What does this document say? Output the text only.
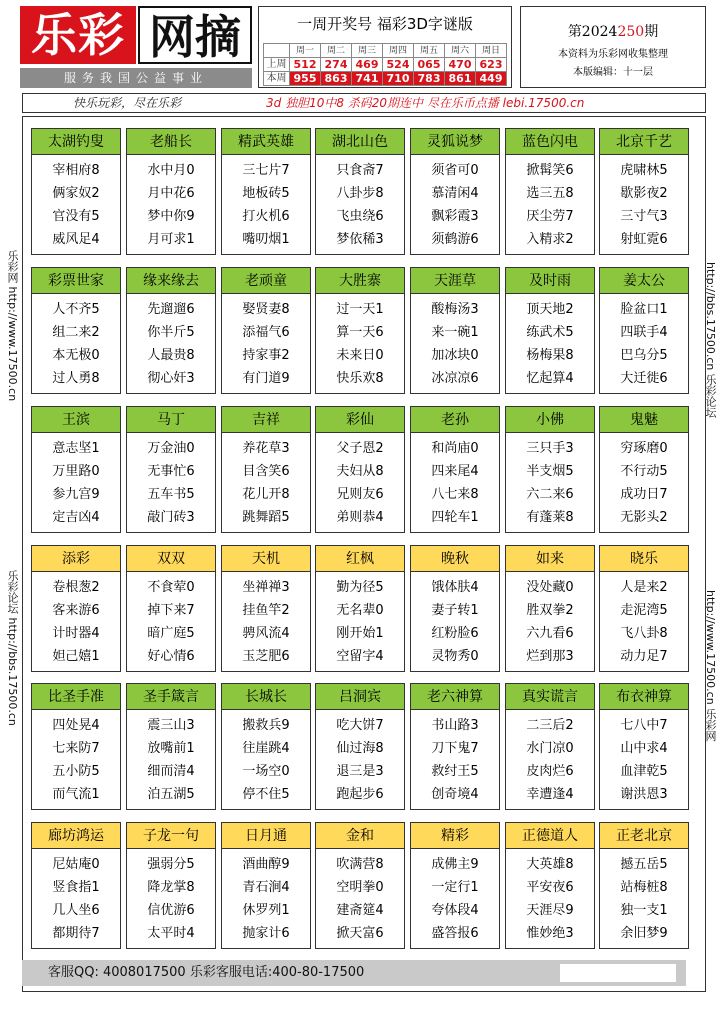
乐彩 网摘
服务我国公益事业
一周开奖号 福彩3D字谜版
	周一	周二	周三	周四	周五	周六	周日
上周	512	274	469	524	065	470	623
本周	955	863	741	710	783	861	449
第2024250期
本资料为乐彩网收集整理
本版编辑：十一层
快乐玩彩，尽在乐彩	3d 独胆10中8 杀码20期连中 尽在乐币点播 lebi.17500.cn
乐彩网 http://www.17500.cn
乐彩论坛 http://bbs.17500.cn
http://bbs.17500.cn 乐彩论坛
http://www.17500.cn 乐彩网
太湖钓叟
宰相府8
俩家奴2
官没有5
威风足4
老船长
水中月0
月中花6
梦中你9
月可求1
精武英雄
三七片7
地板砖5
打火机6
嘴叨烟1
湖北山色
只食斋7
八卦步8
飞虫绕6
梦依稀3
灵狐说梦
须省可0
慕清闲4
飘彩霞3
须鹤游6
蓝色闪电
掀髯笑6
选三五8
厌尘劳7
入精求2
北京千艺
虎啸林5
歇影夜2
三寸气3
射虹霓6
彩票世家
人不齐5
组二来2
本无极0
过人勇8
缘来缘去
先遛遛6
你半斤5
人最贵8
彻心奸3
老顽童
娶贤妻8
添福气6
持家事2
有门道9
大胜寨
过一天1
算一天6
未来日0
快乐欢8
天涯草
酸梅汤3
来一碗1
加冰块0
冰凉凉6
及时雨
顶天地2
练武术5
杨梅果8
忆起算4
姜太公
脸盆口1
四联手4
巴乌分5
大迁徙6
王滨
意志坚1
万里路0
参九宫9
定吉凶4
马丁
万金油0
无事忙6
五车书5
敲门砖3
吉祥
养花草3
目含笑6
花儿开8
跳舞蹈5
彩仙
父子恩2
夫妇从8
兄则友6
弟则恭4
老孙
和尚庙0
四来尾4
八七来8
四轮车1
小佛
三只手3
半支烟5
六二来6
有蓬莱8
鬼魅
穷琢磨0
不行动5
成功日7
无影头2
添彩
卷根葱2
客来游6
计时器4
妲己嬉1
双双
不食荤0
掉下来7
暗广庭5
好心情6
天机
坐禅禅3
挂鱼竿2
骋风流4
玉芝肥6
红枫
勤为径5
无名辈0
刚开始1
空留字4
晚秋
饿体肤4
妻子转1
红粉脸6
灵物秀0
如来
没处藏0
胜双拳2
六九看6
烂到那3
晓乐
人是来2
走泥湾5
飞八卦8
动力足7
比圣手准
四处晃4
七来防7
五小防5
而气流1
圣手箴言
震三山3
放嘴前1
细而清4
泊五湖5
长城长
搬救兵9
往崖跳4
一场空0
停不住5
吕洞宾
吃大饼7
仙过海8
退三是3
跑起步6
老六神算
书山路3
刀下鬼7
救纣王5
创奇境4
真实谎言
二三后2
水门凉0
皮肉烂6
幸遭逢4
布衣神算
七八中7
山中求4
血津乾5
谢洪恩3
廊坊鸿运
尼姑庵0
竖食指1
几人坐6
都期待7
子龙一句
强弱分5
降龙掌8
信优游6
太平时4
日月通
酒曲醇9
青石涧4
休罗列1
抛家计6
金和
吹满营8
空明拳0
建斋筵4
掀天富6
精彩
成佛主9
一定行1
夸体段4
盛答报6
正德道人
大英雄8
平安夜6
天涯尽9
惟妙绝3
正老北京
撼五岳5
站梅桩8
独一支1
余旧梦9
客服QQ: 4008017500 乐彩客服电话:400-80-17500
